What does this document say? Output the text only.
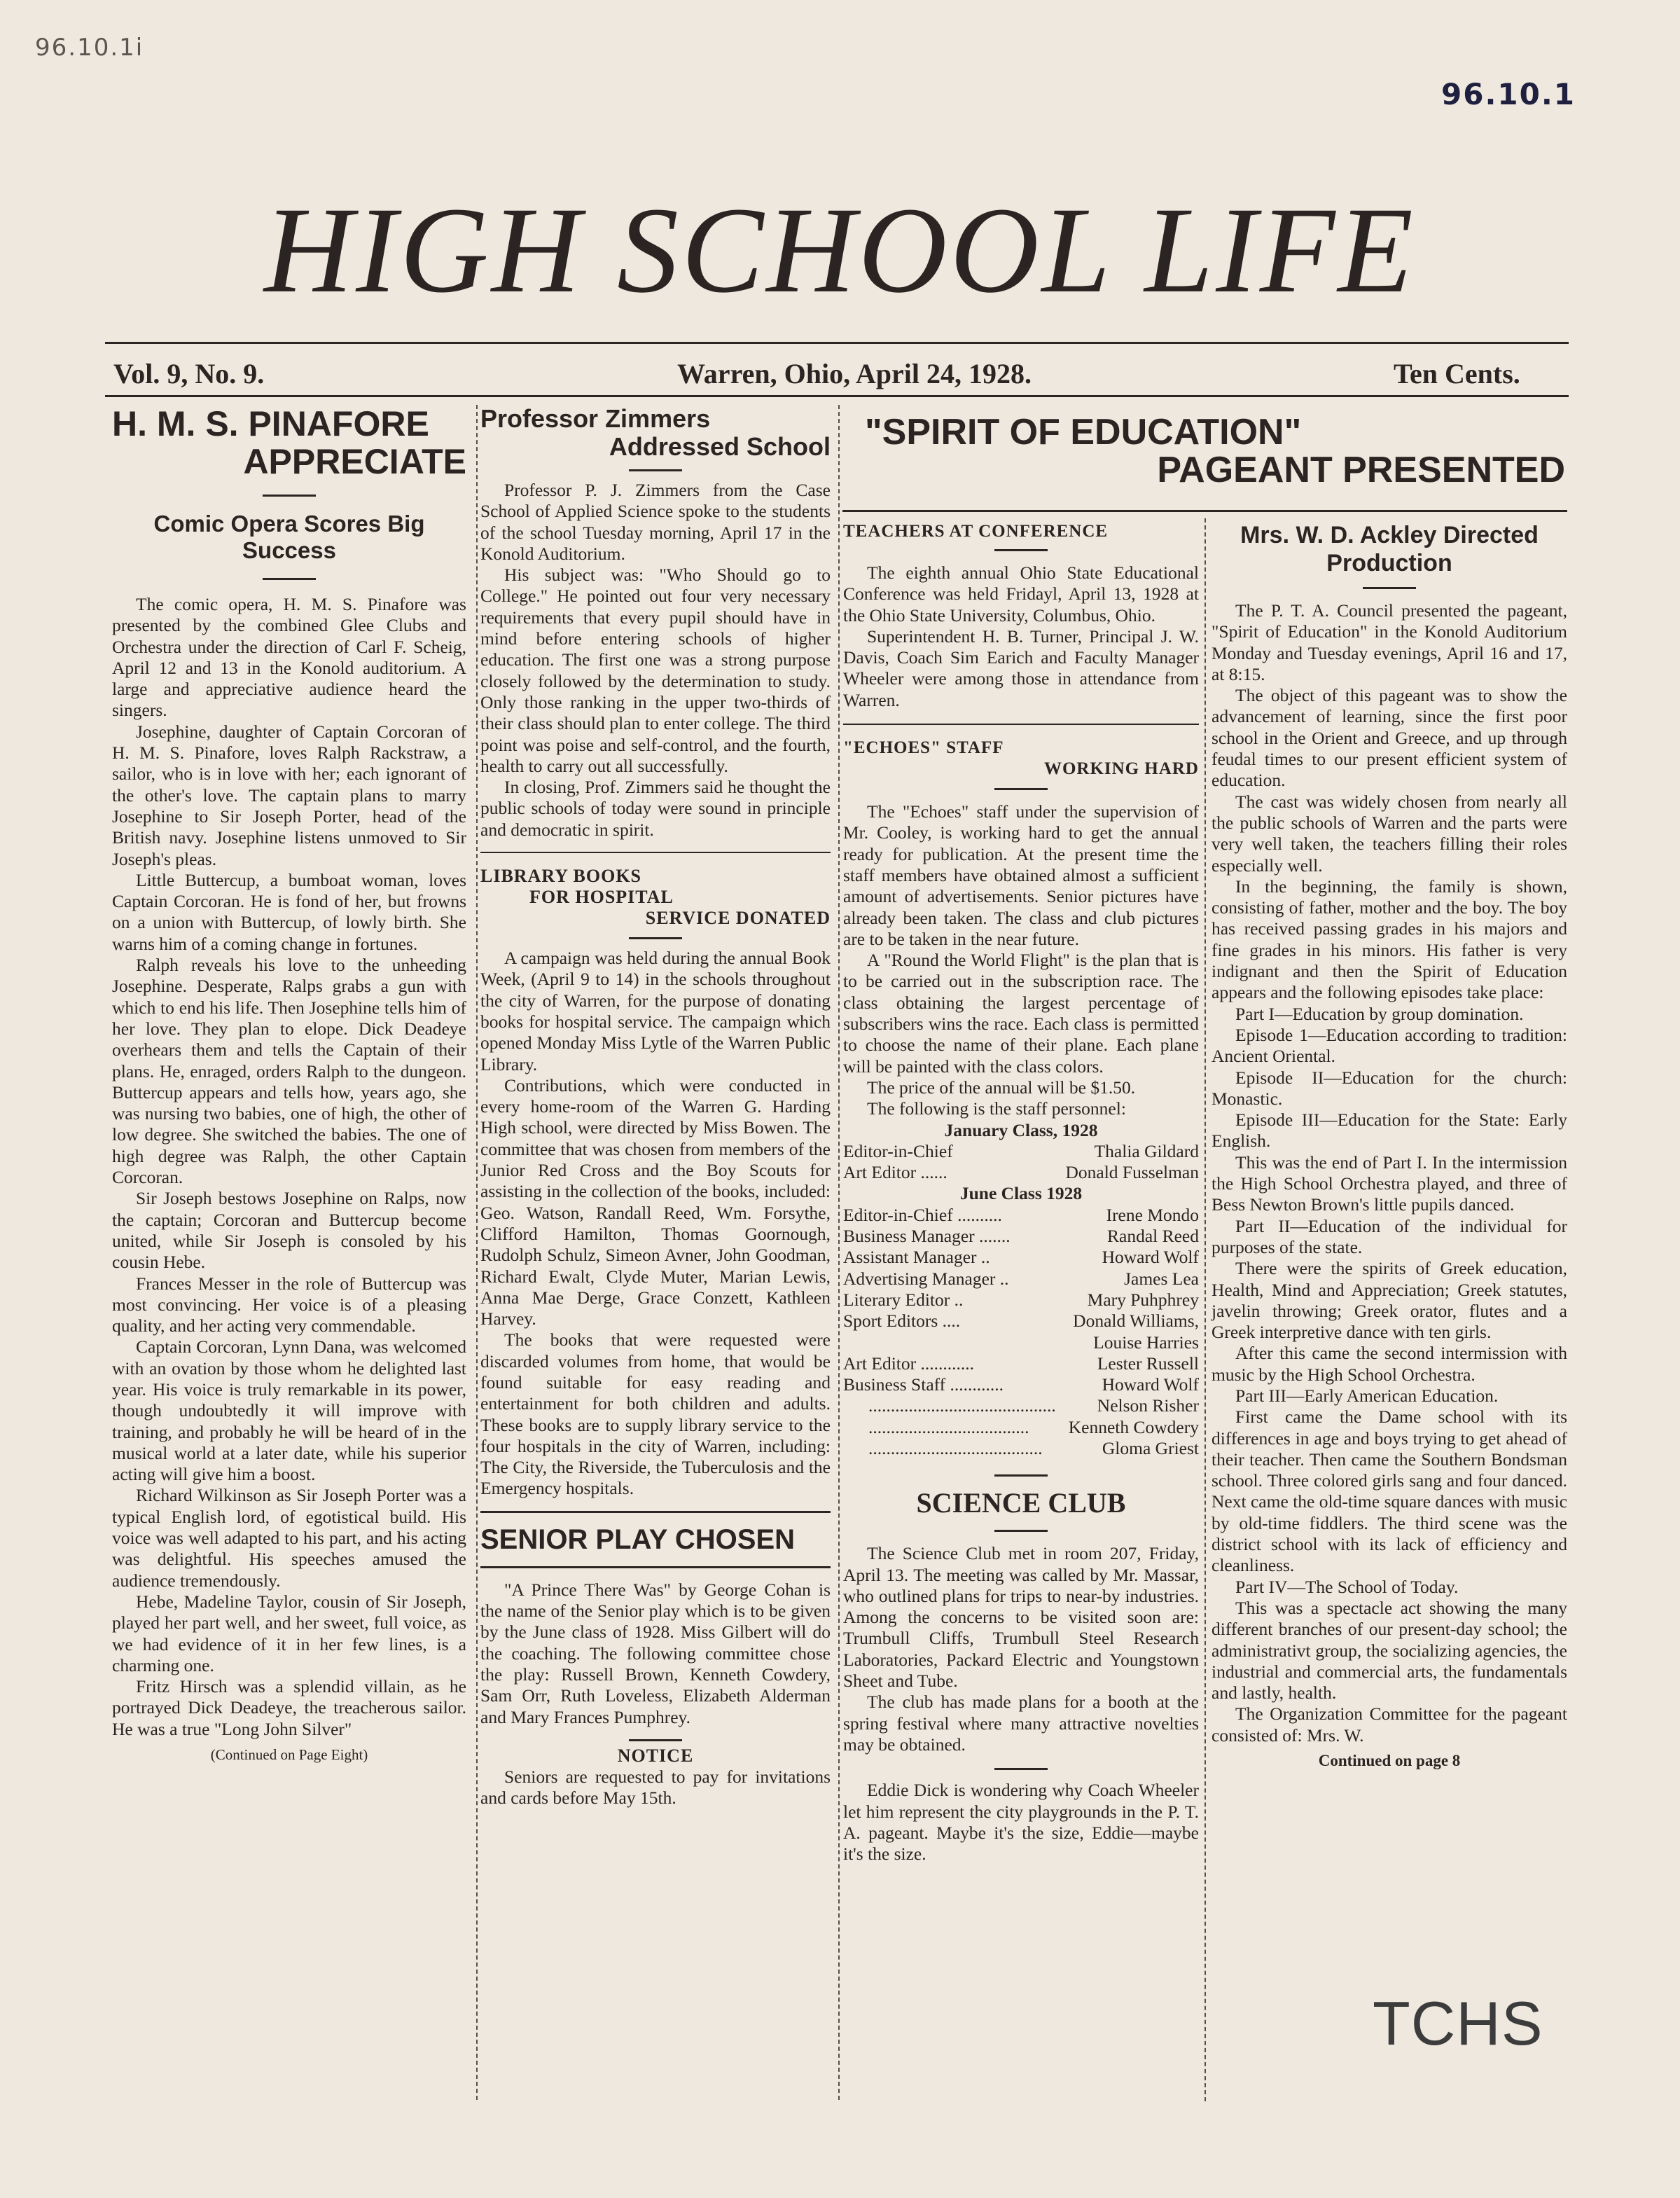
96.10.1i
96.10.1
HIGH SCHOOL LIFE
Vol. 9, No. 9.	Warren, Ohio, April 24, 1928.	Ten Cents.
H. M. S. PINAFORE
APPRECIATE
Comic Opera Scores Big Success

The comic opera, H. M. S. Pinafore was presented by the combined Glee Clubs and Orchestra under the direction of Carl F. Scheig, April 12 and 13 in the Konold auditorium. A large and appreciative audience heard the singers.

Josephine, daughter of Captain Corcoran of H. M. S. Pinafore, loves Ralph Rackstraw, a sailor, who is in love with her; each ignorant of the other's love. The captain plans to marry Josephine to Sir Joseph Porter, head of the British navy. Josephine listens unmoved to Sir Joseph's pleas.

Little Buttercup, a bumboat woman, loves Captain Corcoran. He is fond of her, but frowns on a union with Buttercup, of lowly birth. She warns him of a coming change in fortunes.

Ralph reveals his love to the unheeding Josephine. Desperate, Ralps grabs a gun with which to end his life. Then Josephine tells him of her love. They plan to elope. Dick Deadeye overhears them and tells the Captain of their plans. He, enraged, orders Ralph to the dungeon. Buttercup appears and tells how, years ago, she was nursing two babies, one of high, the other of low degree. She switched the babies. The one of high degree was Ralph, the other Captain Corcoran.

Sir Joseph bestows Josephine on Ralps, now the captain; Corcoran and Buttercup become united, while Sir Joseph is consoled by his cousin Hebe.

Frances Messer in the role of Buttercup was most convincing. Her voice is of a pleasing quality, and her acting very commendable.

Captain Corcoran, Lynn Dana, was welcomed with an ovation by those whom he delighted last year. His voice is truly remarkable in its power, though undoubtedly it will improve with training, and probably he will be heard of in the musical world at a later date, while his superior acting will give him a boost.

Richard Wilkinson as Sir Joseph Porter was a typical English lord, of egotistical build. His voice was well adapted to his part, and his acting was delightful. His speeches amused the audience tremendously.

Hebe, Madeline Taylor, cousin of Sir Joseph, played her part well, and her sweet, full voice, as we had evidence of it in her few lines, is a charming one.

Fritz Hirsch was a splendid villain, as he portrayed Dick Deadeye, the treacherous sailor. He was a true "Long John Silver"

(Continued on Page Eight)
Professor Zimmers
Addressed School

Professor P. J. Zimmers from the Case School of Applied Science spoke to the students of the school Tuesday morning, April 17 in the Konold Auditorium.

His subject was: "Who Should go to College." He pointed out four very necessary requirements that every pupil should have in mind before entering schools of higher education. The first one was a strong purpose closely followed by the determination to study. Only those ranking in the upper two-thirds of their class should plan to enter college. The third point was poise and self-control, and the fourth, health to carry out all successfully.

In closing, Prof. Zimmers said he thought the public schools of today were sound in principle and democratic in spirit.

LIBRARY BOOKS
FOR HOSPITAL
SERVICE DONATED

A campaign was held during the annual Book Week, (April 9 to 14) in the schools throughout the city of Warren, for the purpose of donating books for hospital service. The campaign which opened Monday Miss Lytle of the Warren Public Library.

Contributions, which were conducted in every home-room of the Warren G. Harding High school, were directed by Miss Bowen. The committee that was chosen from members of the Junior Red Cross and the Boy Scouts for assisting in the collection of the books, included: Geo. Watson, Randall Reed, Wm. Forsythe, Clifford Hamilton, Thomas Goornough, Rudolph Schulz, Simeon Avner, John Goodman, Richard Ewalt, Clyde Muter, Marian Lewis, Anna Mae Derge, Grace Conzett, Kathleen Harvey.

The books that were requested were discarded volumes from home, that would be found suitable for easy reading and entertainment for both children and adults. These books are to supply library service to the four hospitals in the city of Warren, including: The City, the Riverside, the Tuberculosis and the Emergency hospitals.

SENIOR PLAY CHOSEN

"A Prince There Was" by George Cohan is the name of the Senior play which is to be given by the June class of 1928. Miss Gilbert will do the coaching. The following committee chose the play: Russell Brown, Kenneth Cowdery, Sam Orr, Ruth Loveless, Elizabeth Alderman and Mary Frances Pumphrey.

NOTICE

Seniors are requested to pay for invitations and cards before May 15th.

"SPIRIT OF EDUCATION"
PAGEANT PRESENTED
TEACHERS AT CONFERENCE

The eighth annual Ohio State Educational Conference was held Fridayl, April 13, 1928 at the Ohio State University, Columbus, Ohio.

Superintendent H. B. Turner, Principal J. W. Davis, Coach Sim Earich and Faculty Manager Wheeler were among those in attendance from Warren.

"ECHOES" STAFF
WORKING HARD

The "Echoes" staff under the supervision of Mr. Cooley, is working hard to get the annual ready for publication. At the present time the staff members have obtained almost a sufficient amount of advertisements. Senior pictures have already been taken. The class and club pictures are to be taken in the near future.

A "Round the World Flight" is the plan that is to be carried out in the subscription race. The class obtaining the largest percentage of subscribers wins the race. Each class is permitted to choose the name of their plane. Each plane will be painted with the class colors.

The price of the annual will be $1.50.

The following is the staff personnel:

January Class, 1928
Editor-in-Chief	Thalia Gildard
Art Editor ......	Donald Fusselman
June Class 1928
Editor-in-Chief ..........	Irene Mondo
Business Manager .......	Randal Reed
Assistant Manager ..	Howard Wolf
Advertising Manager ..	James Lea
Literary Editor ..	Mary Puhphrey
Sport Editors ....	Donald Williams,
Louise Harries
Art Editor ............	Lester Russell
Business Staff ............	Howard Wolf
.......................................... Nelson Risher
.................................... Kenneth Cowdery
.......................................	Gloma Griest
SCIENCE CLUB

The Science Club met in room 207, Friday, April 13. The meeting was called by Mr. Massar, who outlined plans for trips to near-by industries. Among the concerns to be visited soon are: Trumbull Cliffs, Trumbull Steel Research Laboratories, Packard Electric and Youngstown Sheet and Tube.

The club has made plans for a booth at the spring festival where many attractive novelties may be obtained.

Eddie Dick is wondering why Coach Wheeler let him represent the city playgrounds in the P. T. A. pageant. Maybe it's the size, Eddie—maybe it's the size.

Mrs. W. D. Ackley Directed Production

The P. T. A. Council presented the pageant, "Spirit of Education" in the Konold Auditorium Monday and Tuesday evenings, April 16 and 17, at 8:15.

The object of this pageant was to show the advancement of learning, since the first poor school in the Orient and Greece, and up through feudal times to our present efficient system of education.

The cast was widely chosen from nearly all the public schools of Warren and the parts were very well taken, the teachers filling their roles especially well.

In the beginning, the family is shown, consisting of father, mother and the boy. The boy has received passing grades in his majors and fine grades in his minors. His father is very indignant and then the Spirit of Education appears and the following episodes take place:

Part I—Education by group domination.

Episode 1—Education according to tradition: Ancient Oriental.

Episode II—Education for the church: Monastic.

Episode III—Education for the State: Early English.

This was the end of Part I. In the intermission the High School Orchestra played, and three of Bess Newton Brown's little pupils danced.

Part II—Education of the individual for purposes of the state.

There were the spirits of Greek education, Health, Mind and Appreciation; Greek statutes, javelin throwing; Greek orator, flutes and a Greek interpretive dance with ten girls.

After this came the second intermission with music by the High School Orchestra.

Part III—Early American Education.

First came the Dame school with its differences in age and boys trying to get ahead of their teacher. Then came the Southern Bondsman school. Three colored girls sang and four danced. Next came the old-time square dances with music by old-time fiddlers. The third scene was the district school with its lack of efficiency and cleanliness.

Part IV—The School of Today.

This was a spectacle act showing the many different branches of our present-day school; the administrativt group, the socializing agencies, the industrial and commercial arts, the fundamentals and lastly, health.

The Organization Committee for the pageant consisted of: Mrs. W.

Continued on page 8
TCHS
